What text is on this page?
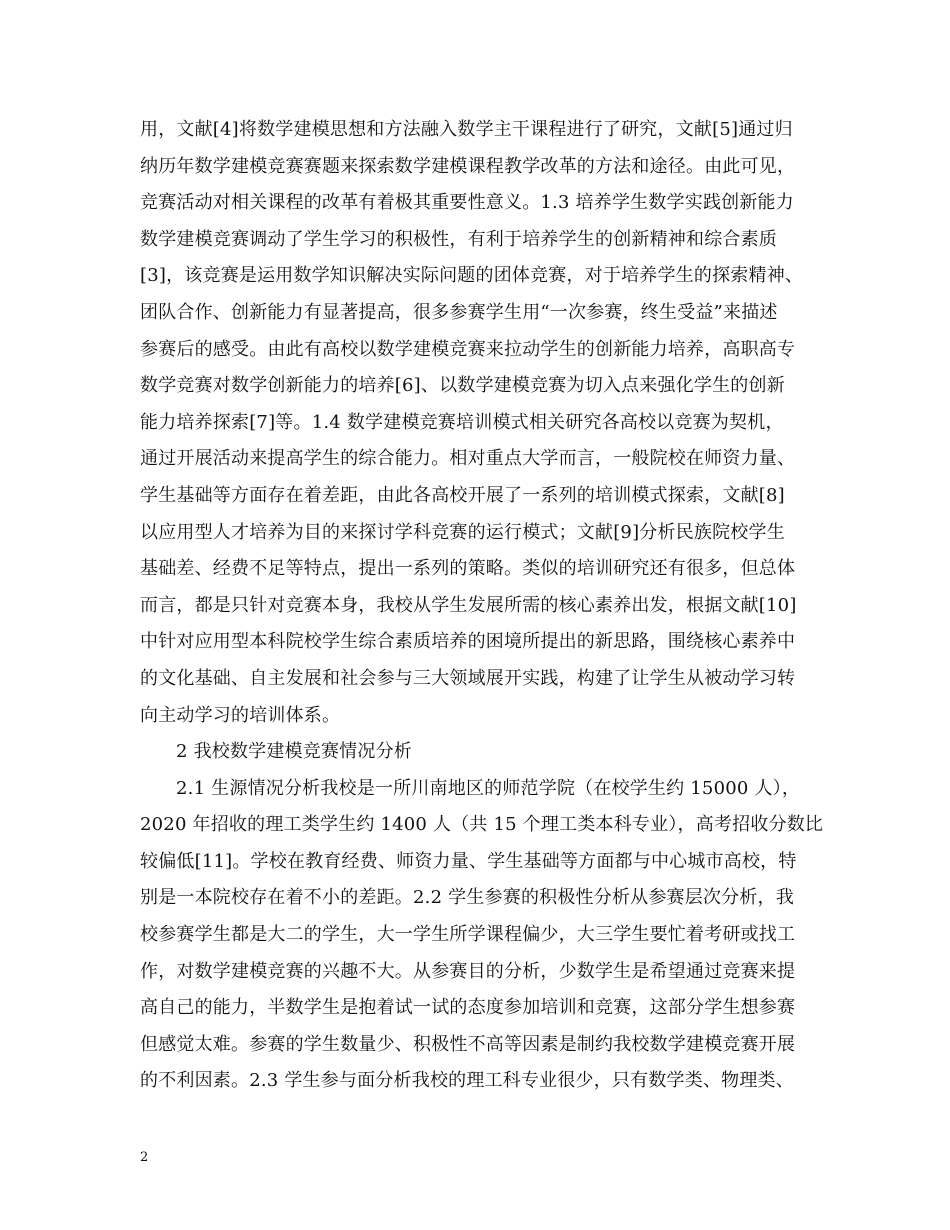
用，文献[4]将数学建模思想和方法融入数学主干课程进行了研究，文献[5]通过归
纳历年数学建模竞赛赛题来探索数学建模课程教学改革的方法和途径。由此可见，
竞赛活动对相关课程的改革有着极其重要性意义。1.3 培养学生数学实践创新能力
数学建模竞赛调动了学生学习的积极性，有利于培养学生的创新精神和综合素质
[3]，该竞赛是运用数学知识解决实际问题的团体竞赛，对于培养学生的探索精神、
团队合作、创新能力有显著提高，很多参赛学生用“一次参赛，终生受益”来描述
参赛后的感受。由此有高校以数学建模竞赛来拉动学生的创新能力培养，高职高专
数学竞赛对数学创新能力的培养[6]、以数学建模竞赛为切入点来强化学生的创新
能力培养探索[7]等。1.4 数学建模竞赛培训模式相关研究各高校以竞赛为契机，
通过开展活动来提高学生的综合能力。相对重点大学而言，一般院校在师资力量、
学生基础等方面存在着差距，由此各高校开展了一系列的培训模式探索，文献[8]
以应用型人才培养为目的来探讨学科竞赛的运行模式；文献[9]分析民族院校学生
基础差、经费不足等特点，提出一系列的策略。类似的培训研究还有很多，但总体
而言，都是只针对竞赛本身，我校从学生发展所需的核心素养出发，根据文献[10]
中针对应用型本科院校学生综合素质培养的困境所提出的新思路，围绕核心素养中
的文化基础、自主发展和社会参与三大领域展开实践，构建了让学生从被动学习转
向主动学习的培训体系。
2 我校数学建模竞赛情况分析
2.1 生源情况分析我校是一所川南地区的师范学院（在校学生约 15000 人），
2020 年招收的理工类学生约 1400 人（共 15 个理工类本科专业），高考招收分数比
较偏低[11]。学校在教育经费、师资力量、学生基础等方面都与中心城市高校，特
别是一本院校存在着不小的差距。2.2 学生参赛的积极性分析从参赛层次分析，我
校参赛学生都是大二的学生，大一学生所学课程偏少，大三学生要忙着考研或找工
作，对数学建模竞赛的兴趣不大。从参赛目的分析，少数学生是希望通过竞赛来提
高自己的能力，半数学生是抱着试一试的态度参加培训和竞赛，这部分学生想参赛
但感觉太难。参赛的学生数量少、积极性不高等因素是制约我校数学建模竞赛开展
的不利因素。2.3 学生参与面分析我校的理工科专业很少，只有数学类、物理类、
2
